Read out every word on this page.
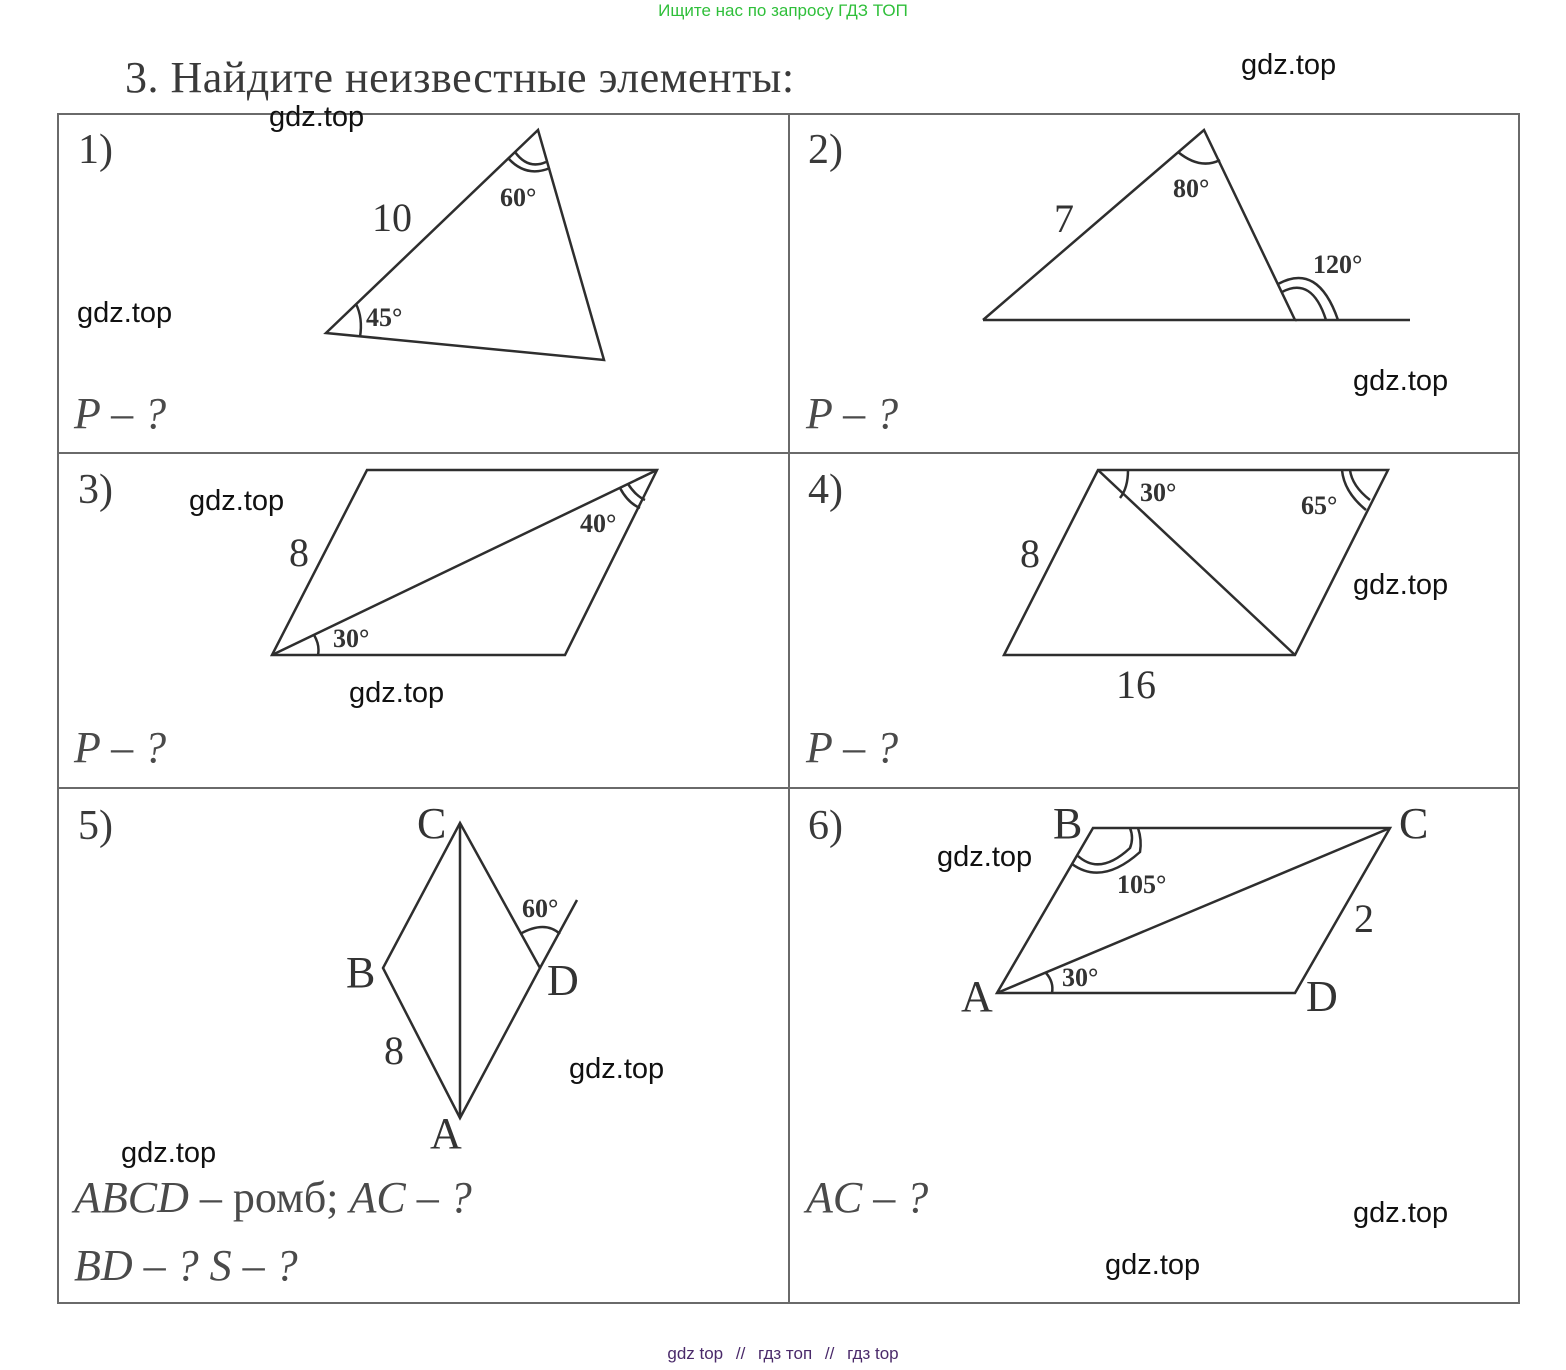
Ищите нас по запросу ГДЗ ТОП
3. Найдите неизвестные элементы:
1)	2)
3)	4)
5)	6)
P – ?	P – ?
P – ?	P – ?
ABCD – ромб; AC – ?
BD – ? S – ?
AC – ?
10	60°
45°
7
80°
120°
8
40°
30°
8
16
30°	65°
C
B	D
A
8
60°
B	C
A	D
2
105°
30°
gdz.top
gdz.top
gdz.top
gdz.top
gdz.top
gdz.top
gdz.top
gdz.top
gdz.top
gdz.top
gdz.top
gdz.top
gdz top // гдз топ // гдз top
